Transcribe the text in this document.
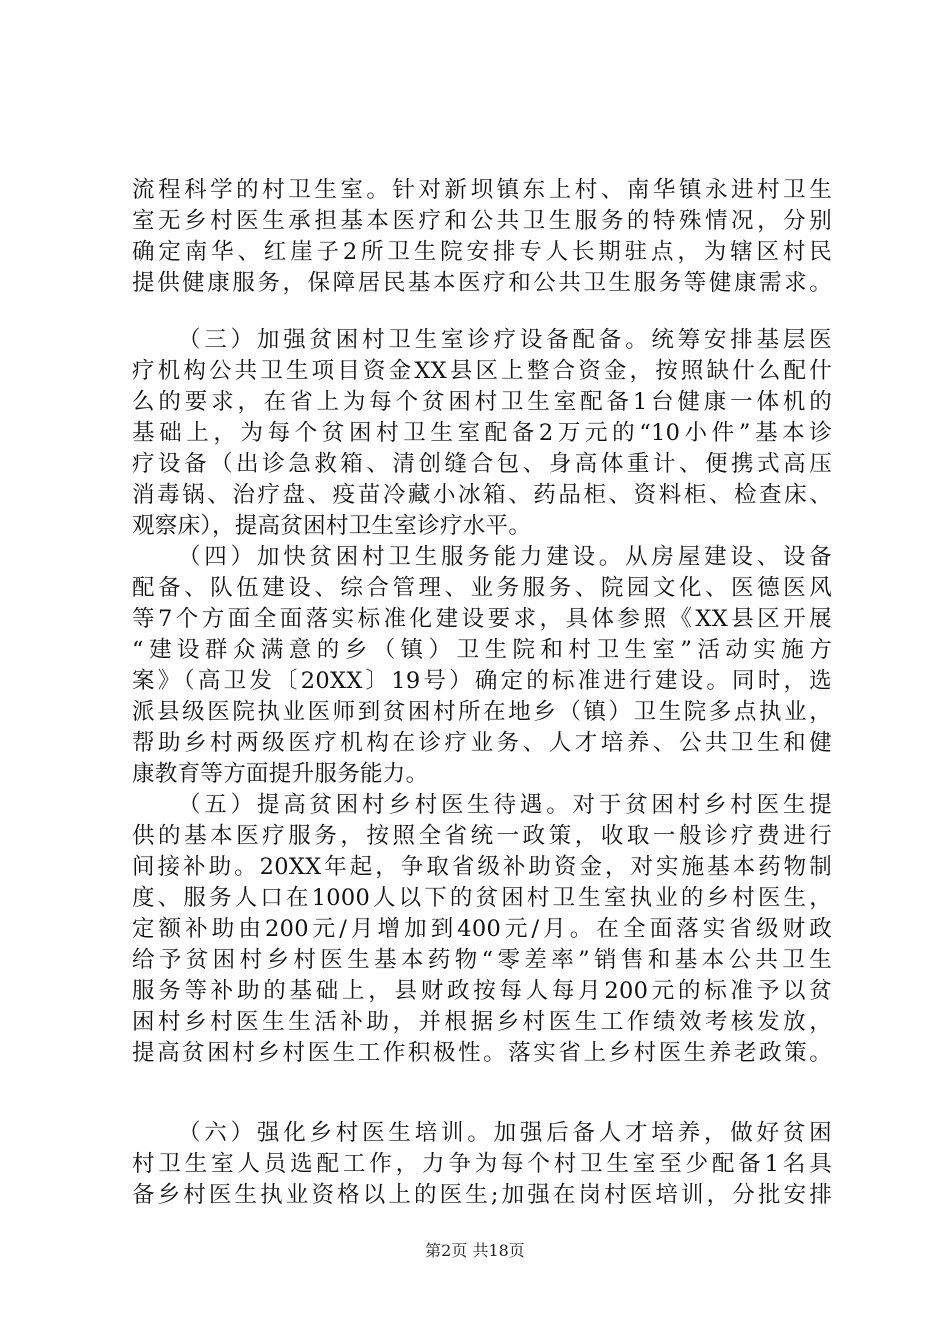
流程科学的村卫生室。针对新坝镇东上村、南华镇永进村卫生
室无乡村医生承担基本医疗和公共卫生服务的特殊情况，分别
确定南华、红崖子2所卫生院安排专人长期驻点，为辖区村民
提供健康服务，保障居民基本医疗和公共卫生服务等健康需求。
（三）加强贫困村卫生室诊疗设备配备。统筹安排基层医
疗机构公共卫生项目资金XX县区上整合资金，按照缺什么配什
么的要求，在省上为每个贫困村卫生室配备1台健康一体机的
基础上，为每个贫困村卫生室配备2万元的“10小件”基本诊
疗设备（出诊急救箱、清创缝合包、身高体重计、便携式高压
消毒锅、治疗盘、疫苗冷藏小冰箱、药品柜、资料柜、检查床、
观察床），提高贫困村卫生室诊疗水平。
（四）加快贫困村卫生服务能力建设。从房屋建设、设备
配备、队伍建设、综合管理、业务服务、院园文化、医德医风
等7个方面全面落实标准化建设要求，具体参照《XX县区开展
“建设群众满意的乡（镇）卫生院和村卫生室”活动实施方
案》（高卫发〔20XX〕19号）确定的标准进行建设。同时，选
派县级医院执业医师到贫困村所在地乡（镇）卫生院多点执业，
帮助乡村两级医疗机构在诊疗业务、人才培养、公共卫生和健
康教育等方面提升服务能力。
（五）提高贫困村乡村医生待遇。对于贫困村乡村医生提
供的基本医疗服务，按照全省统一政策，收取一般诊疗费进行
间接补助。20XX年起，争取省级补助资金，对实施基本药物制
度、服务人口在1000人以下的贫困村卫生室执业的乡村医生，
定额补助由200元/月增加到400元/月。在全面落实省级财政
给予贫困村乡村医生基本药物“零差率”销售和基本公共卫生
服务等补助的基础上，县财政按每人每月200元的标准予以贫
困村乡村医生生活补助，并根据乡村医生工作绩效考核发放，
提高贫困村乡村医生工作积极性。落实省上乡村医生养老政策。
（六）强化乡村医生培训。加强后备人才培养，做好贫困
村卫生室人员选配工作，力争为每个村卫生室至少配备1名具
备乡村医生执业资格以上的医生;加强在岗村医培训，分批安排
第2页 共18页
